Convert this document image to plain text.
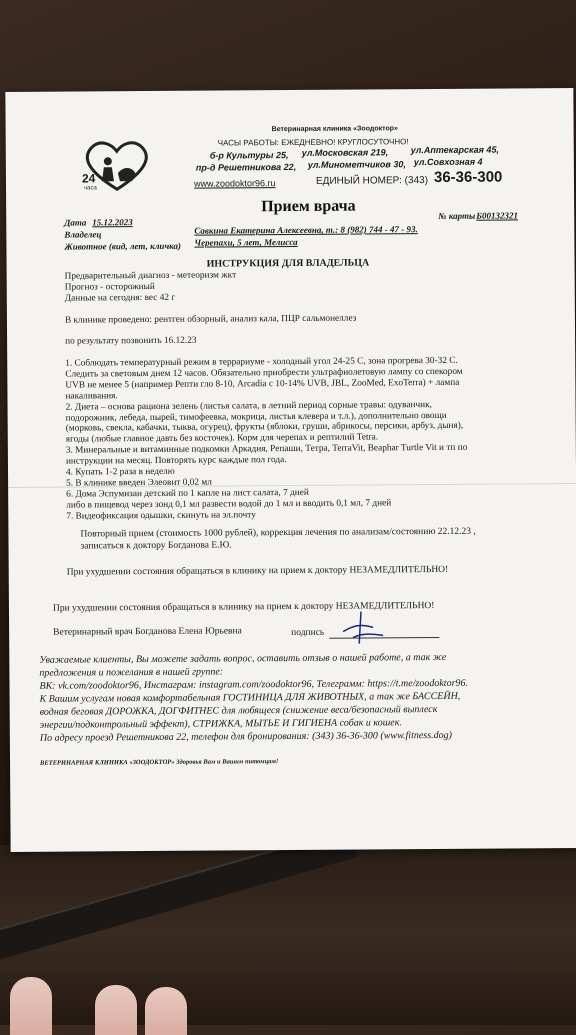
24
часа
Ветеринарная клиника «Зоодоктор»
ЧАСЫ РАБОТЫ: ЕЖЕДНЕВНО! КРУГЛОСУТОЧНО!
б-р Культуры 25, ул.Московская 219,	ул.Аптекарская 45,
пр-д Решетникова 22, ул.Минометчиков 30, ул.Совхозная 4
www.zoodoktor96.ru	ЕДИНЫЙ НОМЕР: (343) 36-36-300
Прием врача
Дата 15.12.2023
№ карты Б00132321
Владелец	Савкина Екатерина Алексеевна, т.: 8 (982) 744 - 47 - 93.
Животное (вид, лет, кличка) Черепахи, 5 лет, Мелисса
ИНСТРУКЦИЯ ДЛЯ ВЛАДЕЛЬЦА
Предварительный диагноз - метеоризм жкт
Прогноз - осторожный
Данные на сегодня: вес 42 г
В клинике проведено: рентген обзорный, анализ кала, ПЦР сальмонеллез
по результату позвонить 16.12.23
1. Соблюдать температурный режим в террариуме - холодный угол 24-25 С, зона прогрева 30-32 С.
Следить за световым днем 12 часов. Обязательно приобрести ультрафиолетовую лампу со спекором
UVB не менее 5 (например Репти гло 8-10, Arcadia с 10-14% UVB, JBL, ZooMed, ExoTerra) + лампа
накаливания.
2. Диета – основа рациона зелень (листья салата, в летний период сорные травы: одуванчик,
подорожник, лебеда, пырей, тимофеевка, мокрица, листья клевера и т.л.), дополнительно овощи
(морковь, свекла, кабачки, тыква, огурец), фрукты (яблоки, груши, абрикосы, персики, арбуз, дыня),
ягоды (любые главное давть без косточек). Корм для черепах и рептилий Tetra.
3. Минеральные и витаминные подкомки Аркадия, Репаши, Тетра, TerraVit, Beaphar Turtle Vit и тп по
инструкции на месяц. Повторять курс каждые пол года.
4. Купать 1-2 раза в неделю
5. В клинике введен Элеовит 0,02 мл
6. Дома Эспумизан детский по 1 капле на лист салата, 7 дней
либо в пищевод через зонд 0,1 мл развести водой до 1 мл и вводить 0,1 мл, 7 дней
7. Видеофиксация одышки, скинуть на эл.почту
Повторный прием (стоимость 1000 рублей), коррекция лечения по анализам/состоянию 22.12.23 ,
записаться к доктору Богданова Е.Ю.
При ухудшении состояния обращаться в клинику на прием к доктору НЕЗАМЕДЛИТЕЛЬНО!
При ухудшении состояния обращаться в клинику на прием к доктору НЕЗАМЕДЛИТЕЛЬНО!
Ветеринарный врач Богданова Елена Юрьевна	подпись
Уважаемые клиенты, Вы можете задать вопрос, оставить отзыв о нашей работе, а так же
предложения и пожелания в нашей группе:
ВК: vk.com/zoodoktor96, Инстаграм: instagram.com/zoodoktor96, Телеграмм: https://t.me/zoodoktor96.
К Вашим услугам новая комфортабельная ГОСТИНИЦА ДЛЯ ЖИВОТНЫХ, а так же БАССЕЙН,
водная беговая ДОРОЖКА, ДОГФИТНЕС для любящеся (снижение веса/безопасный выплеск
энергии/подконтрольный эффект), СТРИЖКА, МЫТЬЕ И ГИГИЕНА собак и кошек.
По адресу проезд Решетникова 22, телефон для бронирования: (343) 36-36-300 (www.fitness.dog)
ВЕТЕРИНАРНАЯ КЛИНИКА «ЗООДОКТОР» Здоровья Вам и Вашим питомцам!
